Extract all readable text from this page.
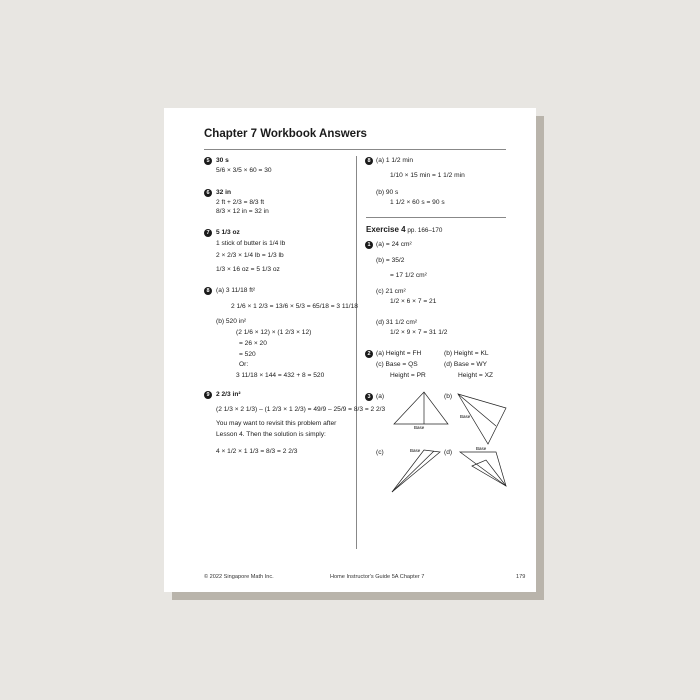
Chapter 7 Workbook Answers
30 s
5/6 × 3/5 × 60 = 30
32 in
2 ft + 2/3 = 8/3 ft
8/3 × 12 in = 32 in
5 1/3 oz
1 stick of butter is 1/4 lb
2 × 2/3 × 1/4 lb = 1/3 lb
1/3 × 16 oz = 5 1/3 oz
(a) 3 11/18 ft²
2 1/6 × 1 2/3 = 13/6 × 5/3 = 65/18 = 3 11/18
(b) 520 in²
(2 1/6 × 12) × (1 2/3 × 12)
= 26 × 20
= 520
Or:
3 11/18 × 144 = 432 + 8 = 520
2 2/3 in²
(2 1/3 × 2 1/3) – (1 2/3 × 1 2/3) = 49/9 – 25/9 = 8/3 = 2 2/3
You may want to revisit this problem after
Lesson 4. Then the solution is simply:
4 × 1/2 × 1 1/3 = 8/3 = 2 2/3
5
6
7
8
9
(a) 1 1/2 min
1/10 × 15 min = 1 1/2 min
(b) 90 s
1 1/2 × 60 s = 90 s
(a) = 24 cm²
(b) = 35/2
= 17 1/2 cm²
(c) 21 cm²
1/2 × 6 × 7 = 21
(d) 31 1/2 cm²
1/2 × 9 × 7 = 31 1/2
(a) Height = FH	(b) Height = KL
(c) Base = QS	(d) Base = WY
Height = PR	Height = XZ
(a)	(b)
(c)	(d)
8
1
2
3
Exercise 4 pp. 166–170
Base
Base
Base	Base
© 2022 Singapore Math Inc.	Home Instructor's Guide 5A Chapter 7	179
